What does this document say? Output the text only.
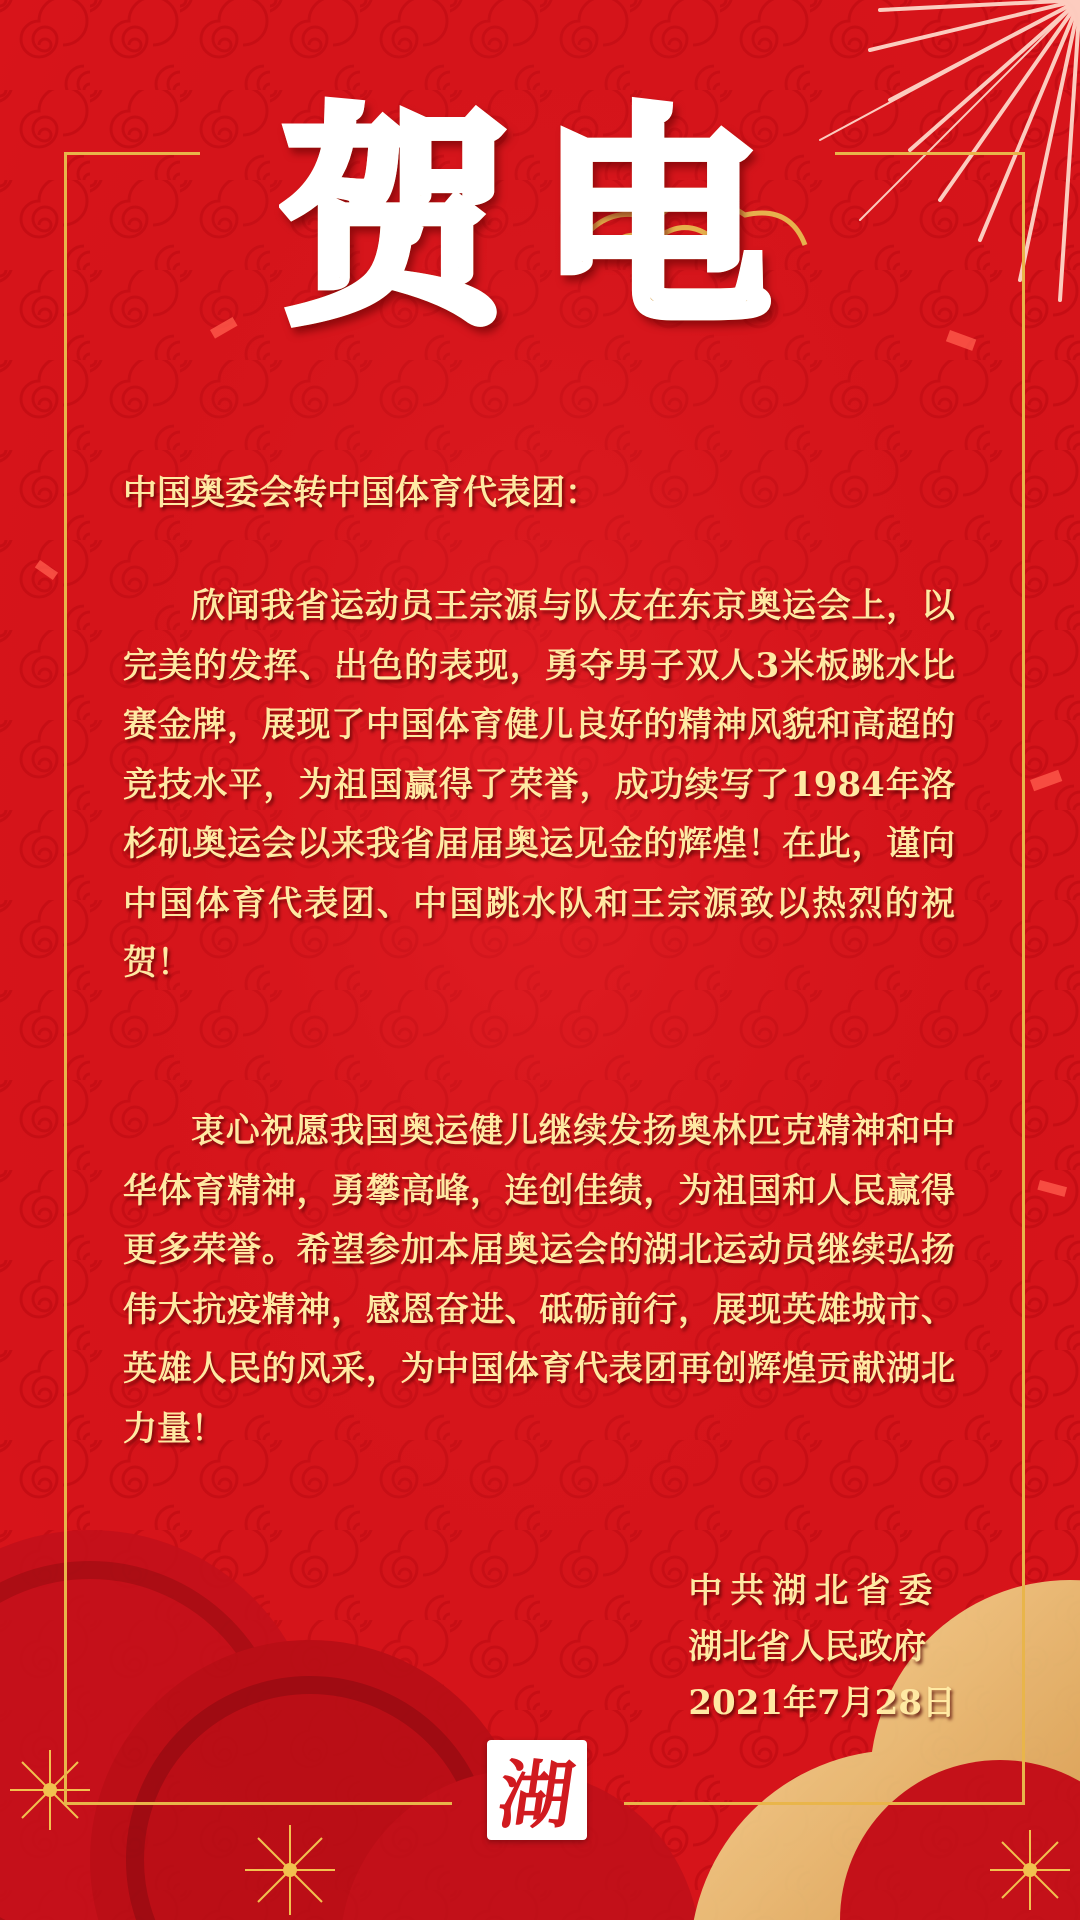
贺电
中国奥委会转中国体育代表团：
欣闻我省运动员王宗源与队友在东京奥运会上，以完美的发挥、出色的表现，勇夺男子双人3米板跳水比赛金牌，展现了中国体育健儿良好的精神风貌和高超的竞技水平，为祖国赢得了荣誉，成功续写了1984年洛杉矶奥运会以来我省届届奥运见金的辉煌！在此，谨向中国体育代表团、中国跳水队和王宗源致以热烈的祝贺！
衷心祝愿我国奥运健儿继续发扬奥林匹克精神和中华体育精神，勇攀高峰，连创佳绩，为祖国和人民赢得更多荣誉。希望参加本届奥运会的湖北运动员继续弘扬伟大抗疫精神，感恩奋进、砥砺前行，展现英雄城市、英雄人民的风采，为中国体育代表团再创辉煌贡献湖北力量！
中共湖北省委
湖北省人民政府
2021年7月28日
湖
